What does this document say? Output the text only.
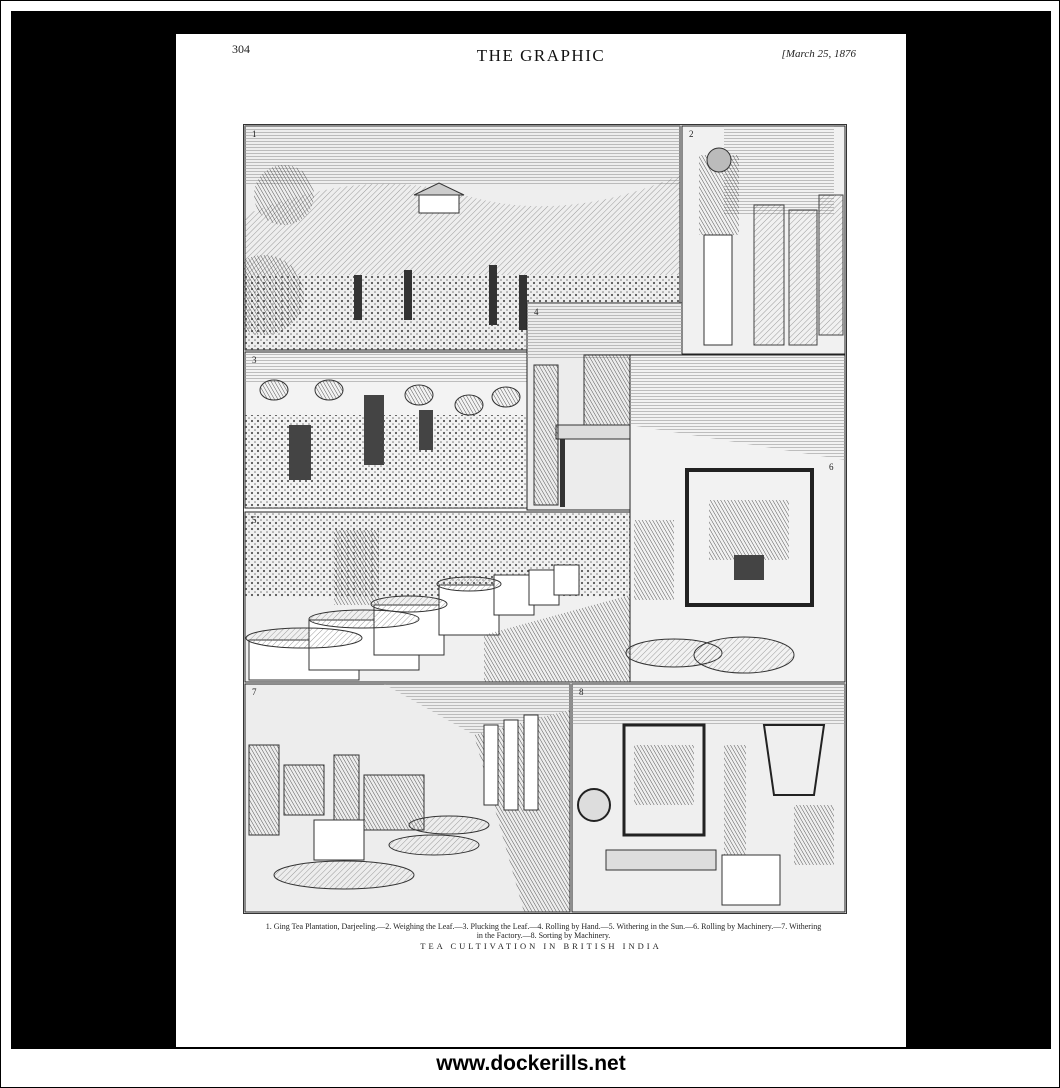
304	THE GRAPHIC	[March 25, 1876
1	2
3
4
5
6
7	8
1. Ging Tea Plantation, Darjeeling.—2. Weighing the Leaf.—3. Plucking the Leaf.—4. Rolling by Hand.—5. Withering in the Sun.—6. Rolling by Machinery.—7. Withering
in the Factory.—8. Sorting by Machinery.
TEA CULTIVATION IN BRITISH INDIA
www.dockerills.net
